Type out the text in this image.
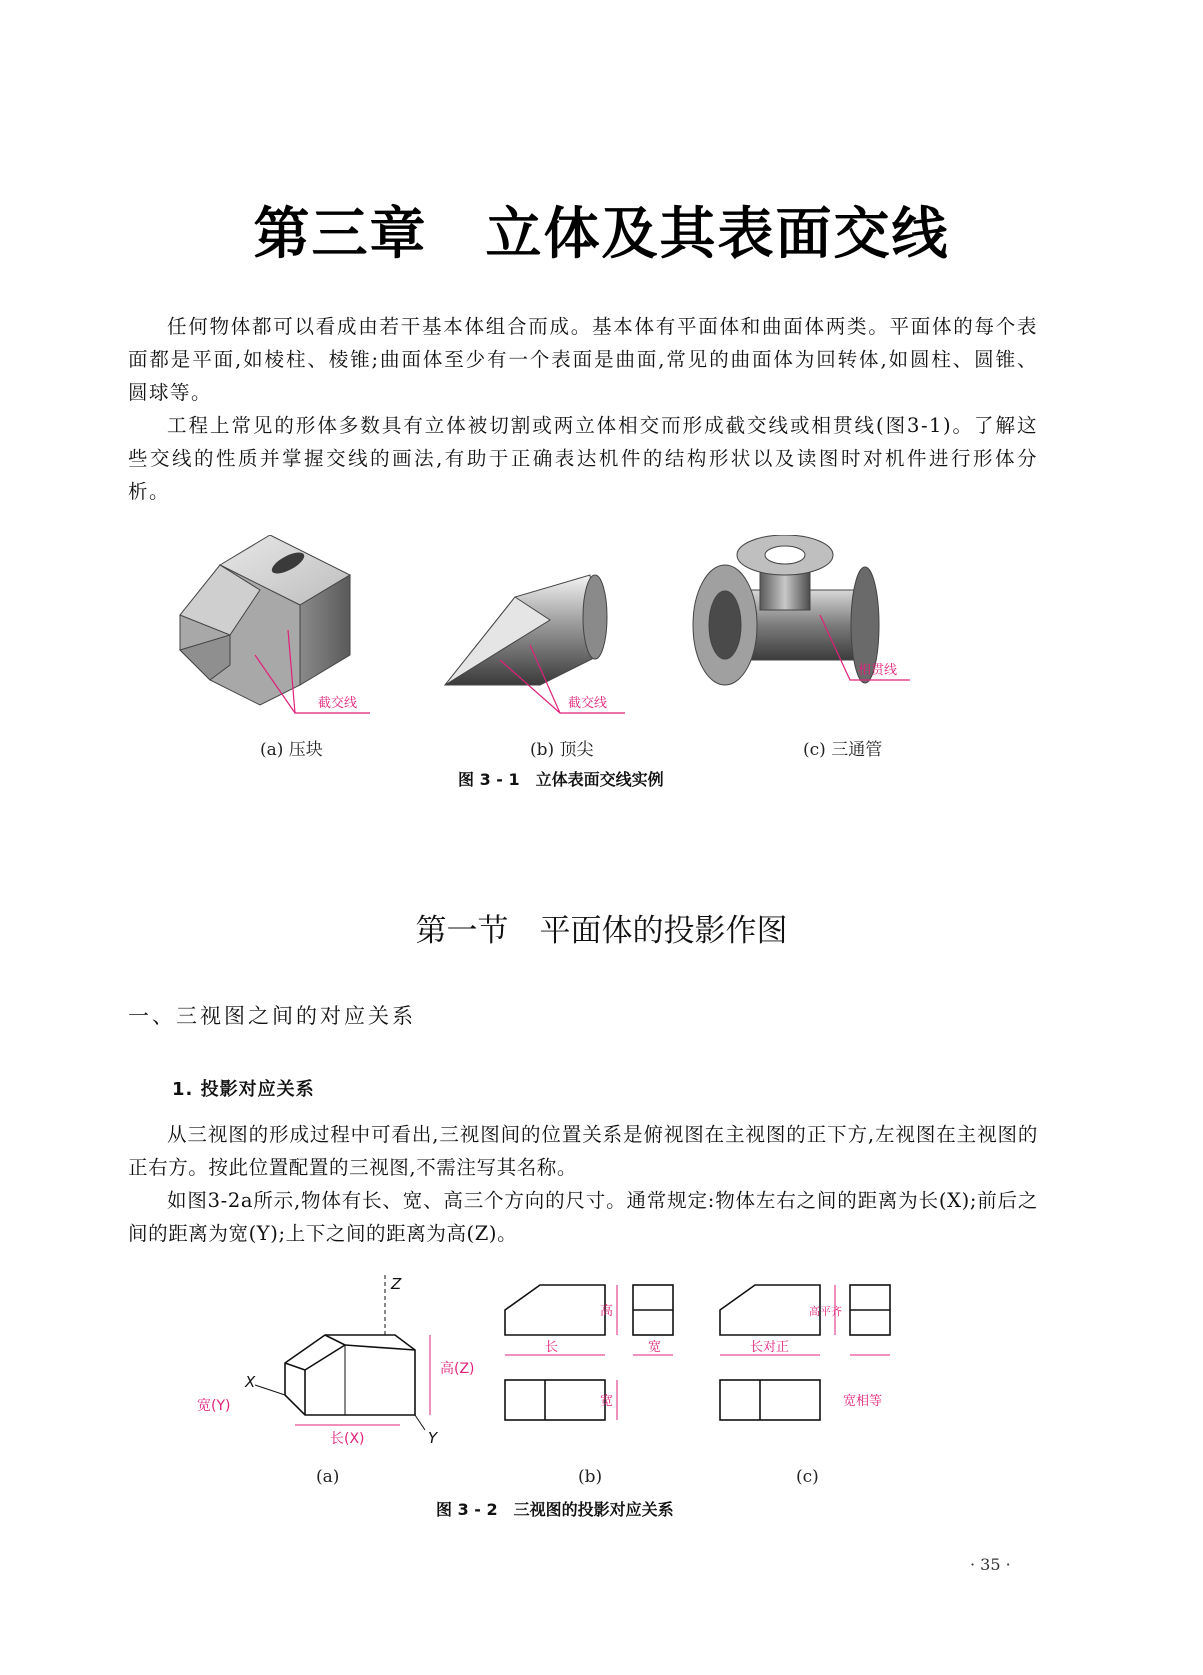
第三章　立体及其表面交线

任何物体都可以看成由若干基本体组合而成。基本体有平面体和曲面体两类。平面体的每个表面都是平面,如棱柱、棱锥;曲面体至少有一个表面是曲面,常见的曲面体为回转体,如圆柱、圆锥、圆球等。

工程上常见的形体多数具有立体被切割或两立体相交而形成截交线或相贯线(图3-1)。了解这些交线的性质并掌握交线的画法,有助于正确表达机件的结构形状以及读图时对机件进行形体分析。

截交线	截交线
相贯线
(a) 压块	(b) 顶尖	(c) 三通管
图 3 - 1　立体表面交线实例
第一节　平面体的投影作图
一、三视图之间的对应关系
1. 投影对应关系

从三视图的形成过程中可看出,三视图间的位置关系是俯视图在主视图的正下方,左视图在主视图的正右方。按此位置配置的三视图,不需注写其名称。

如图3-2a所示,物体有长、宽、高三个方向的尺寸。通常规定:物体左右之间的距离为长(X);前后之间的距离为宽(Y);上下之间的距离为高(Z)。

Z
X
Y
高(Z)
宽(Y)
长(X)
长
高
宽
宽
长对正
高平齐
宽相等
(a)	(b)	(c)
图 3 - 2　三视图的投影对应关系
· 35 ·
